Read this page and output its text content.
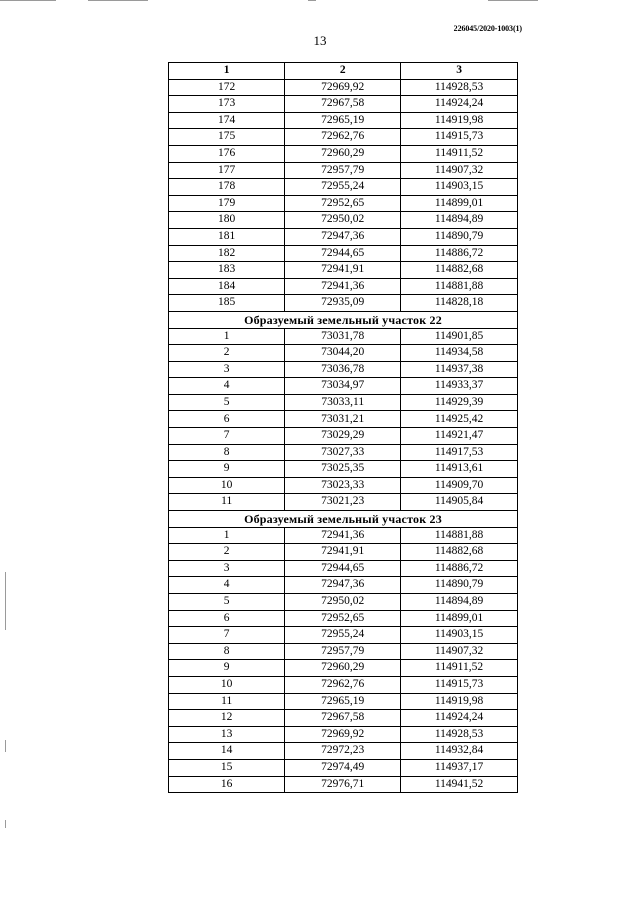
226045/2020-1003(1)
13
1	2	3
172	72969,92	114928,53
173	72967,58	114924,24
174	72965,19	114919,98
175	72962,76	114915,73
176	72960,29	114911,52
177	72957,79	114907,32
178	72955,24	114903,15
179	72952,65	114899,01
180	72950,02	114894,89
181	72947,36	114890,79
182	72944,65	114886,72
183	72941,91	114882,68
184	72941,36	114881,88
185	72935,09	114828,18
Образуемый земельный участок 22		
1	73031,78	114901,85
2	73044,20	114934,58
3	73036,78	114937,38
4	73034,97	114933,37
5	73033,11	114929,39
6	73031,21	114925,42
7	73029,29	114921,47
8	73027,33	114917,53
9	73025,35	114913,61
10	73023,33	114909,70
11	73021,23	114905,84
Образуемый земельный участок 23		
1	72941,36	114881,88
2	72941,91	114882,68
3	72944,65	114886,72
4	72947,36	114890,79
5	72950,02	114894,89
6	72952,65	114899,01
7	72955,24	114903,15
8	72957,79	114907,32
9	72960,29	114911,52
10	72962,76	114915,73
11	72965,19	114919,98
12	72967,58	114924,24
13	72969,92	114928,53
14	72972,23	114932,84
15	72974,49	114937,17
16	72976,71	114941,52
